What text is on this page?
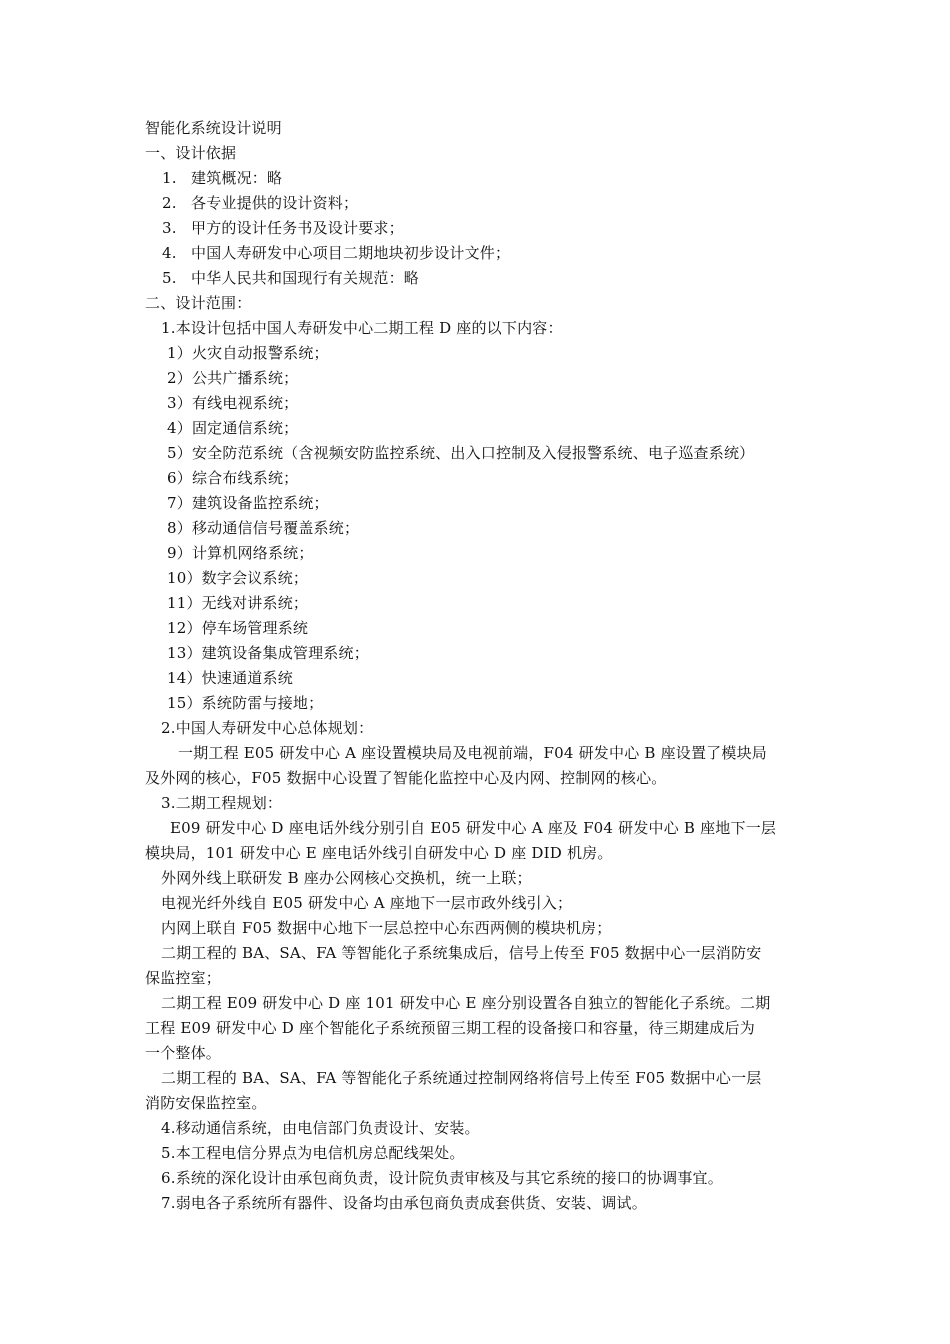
智能化系统设计说明
一、设计依据
1. 建筑概况：略
2. 各专业提供的设计资料；
3. 甲方的设计任务书及设计要求；
4. 中国人寿研发中心项目二期地块初步设计文件；
5. 中华人民共和国现行有关规范：略
二、设计范围：
1.本设计包括中国人寿研发中心二期工程 D 座的以下内容：
1）火灾自动报警系统；
2）公共广播系统；
3）有线电视系统；
4）固定通信系统；
5）安全防范系统（含视频安防监控系统、出入口控制及入侵报警系统、电子巡查系统）
6）综合布线系统；
7）建筑设备监控系统；
8）移动通信信号覆盖系统；
9）计算机网络系统；
10）数字会议系统；
11）无线对讲系统；
12）停车场管理系统
13）建筑设备集成管理系统；
14）快速通道系统
15）系统防雷与接地；
2.中国人寿研发中心总体规划：
一期工程 E05 研发中心 A 座设置模块局及电视前端，F04 研发中心 B 座设置了模块局
及外网的核心，F05 数据中心设置了智能化监控中心及内网、控制网的核心。
3.二期工程规划：
E09 研发中心 D 座电话外线分别引自 E05 研发中心 A 座及 F04 研发中心 B 座地下一层
模块局，101 研发中心 E 座电话外线引自研发中心 D 座 DID 机房。
外网外线上联研发 B 座办公网核心交换机，统一上联；
电视光纤外线自 E05 研发中心 A 座地下一层市政外线引入；
内网上联自 F05 数据中心地下一层总控中心东西两侧的模块机房；
二期工程的 BA、SA、FA 等智能化子系统集成后，信号上传至 F05 数据中心一层消防安
保监控室；
二期工程 E09 研发中心 D 座 101 研发中心 E 座分别设置各自独立的智能化子系统。二期
工程 E09 研发中心 D 座个智能化子系统预留三期工程的设备接口和容量，待三期建成后为
一个整体。
二期工程的 BA、SA、FA 等智能化子系统通过控制网络将信号上传至 F05 数据中心一层
消防安保监控室。
4.移动通信系统，由电信部门负责设计、安装。
5.本工程电信分界点为电信机房总配线架处。
6.系统的深化设计由承包商负责，设计院负责审核及与其它系统的接口的协调事宜。
7.弱电各子系统所有器件、设备均由承包商负责成套供货、安装、调试。
